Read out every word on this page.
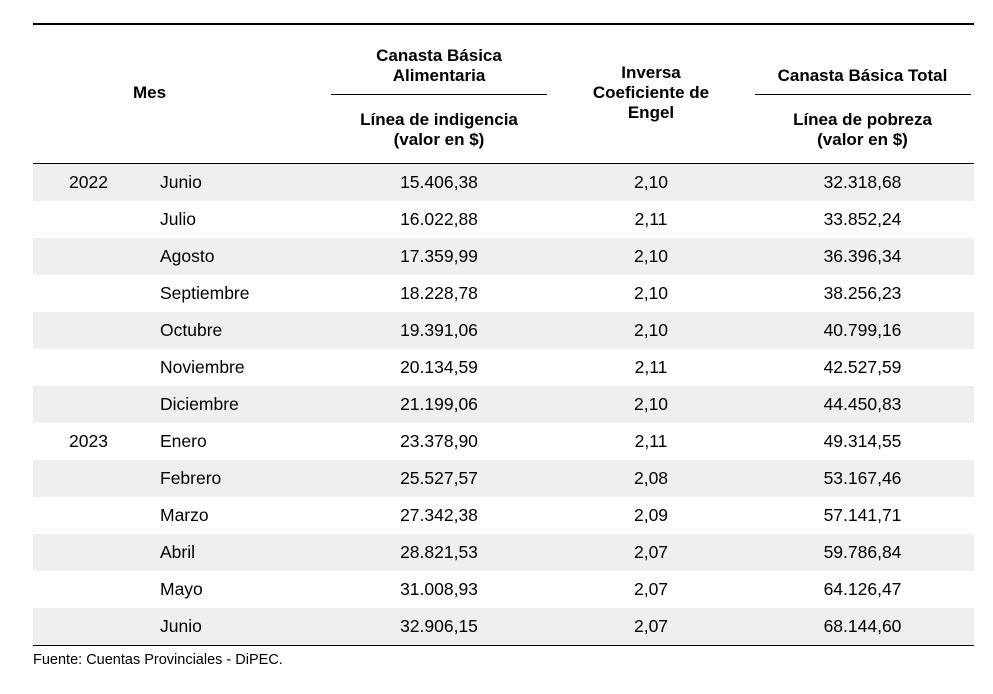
	Mes	Canasta Básica Alimentaria	Inversa Coeficiente de Engel	Canasta Básica Total

		Línea de indigencia (valor en $)		Línea de pobreza (valor en $)

2022	Junio	15.406,38	2,10	32.318,68
	Julio	16.022,88	2,11	33.852,24
	Agosto	17.359,99	2,10	36.396,34
	Septiembre	18.228,78	2,10	38.256,23
	Octubre	19.391,06	2,10	40.799,16
	Noviembre	20.134,59	2,11	42.527,59
	Diciembre	21.199,06	2,10	44.450,83
2023	Enero	23.378,90	2,11	49.314,55
	Febrero	25.527,57	2,08	53.167,46
	Marzo	27.342,38	2,09	57.141,71
	Abril	28.821,53	2,07	59.786,84
	Mayo	31.008,93	2,07	64.126,47
	Junio	32.906,15	2,07	68.144,60
Fuente: Cuentas Provinciales - DiPEC.
